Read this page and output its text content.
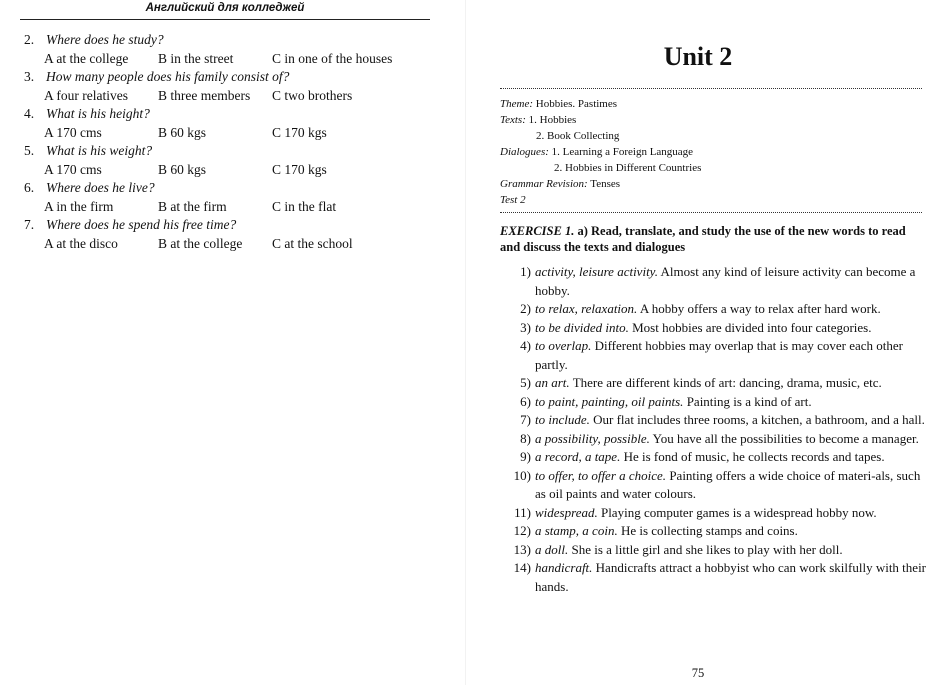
Английский для колледжей
2. Where does he study?
A at the college B in the street	C in one of the houses
3. How many people does his family consist of?
A four relatives B three members C two brothers
4. What is his height?
A 170 cms	B 60 kgs	C 170 kgs
5. What is his weight?
A 170 cms	B 60 kgs	C 170 kgs
6. Where does he live?
A in the firm	B at the firm	C in the flat
7. Where does he spend his free time?
A at the disco	B at the college C at the school
Unit 2
Theme: Hobbies. Pastimes
Texts: 1. Hobbies
2. Book Collecting
Dialogues: 1. Learning a Foreign Language
2. Hobbies in Different Countries
Grammar Revision: Tenses
Test 2
EXERCISE 1. a) Read, translate, and study the use of the new words to read and discuss the texts and dialogues
1) activity, leisure activity. Almost any kind of leisure activity can become a hobby.
2) to relax, relaxation. A hobby offers a way to relax after hard work.
3) to be divided into. Most hobbies are divided into four categories.
4) to overlap. Different hobbies may overlap that is may cover each other partly.
5) an art. There are different kinds of art: dancing, drama, music, etc.
6) to paint, painting, oil paints. Painting is a kind of art.
7) to include. Our flat includes three rooms, a kitchen, a bathroom, and a hall.
8) a possibility, possible. You have all the possibilities to become a manager.
9) a record, a tape. He is fond of music, he collects records and tapes.
10) to offer, to offer a choice. Painting offers a wide choice of materi-als, such as oil paints and water colours.
11) widespread. Playing computer games is a widespread hobby now.
12) a stamp, a coin. He is collecting stamps and coins.
13) a doll. She is a little girl and she likes to play with her doll.
14) handicraft. Handicrafts attract a hobbyist who can work skilfully with their hands.
75
